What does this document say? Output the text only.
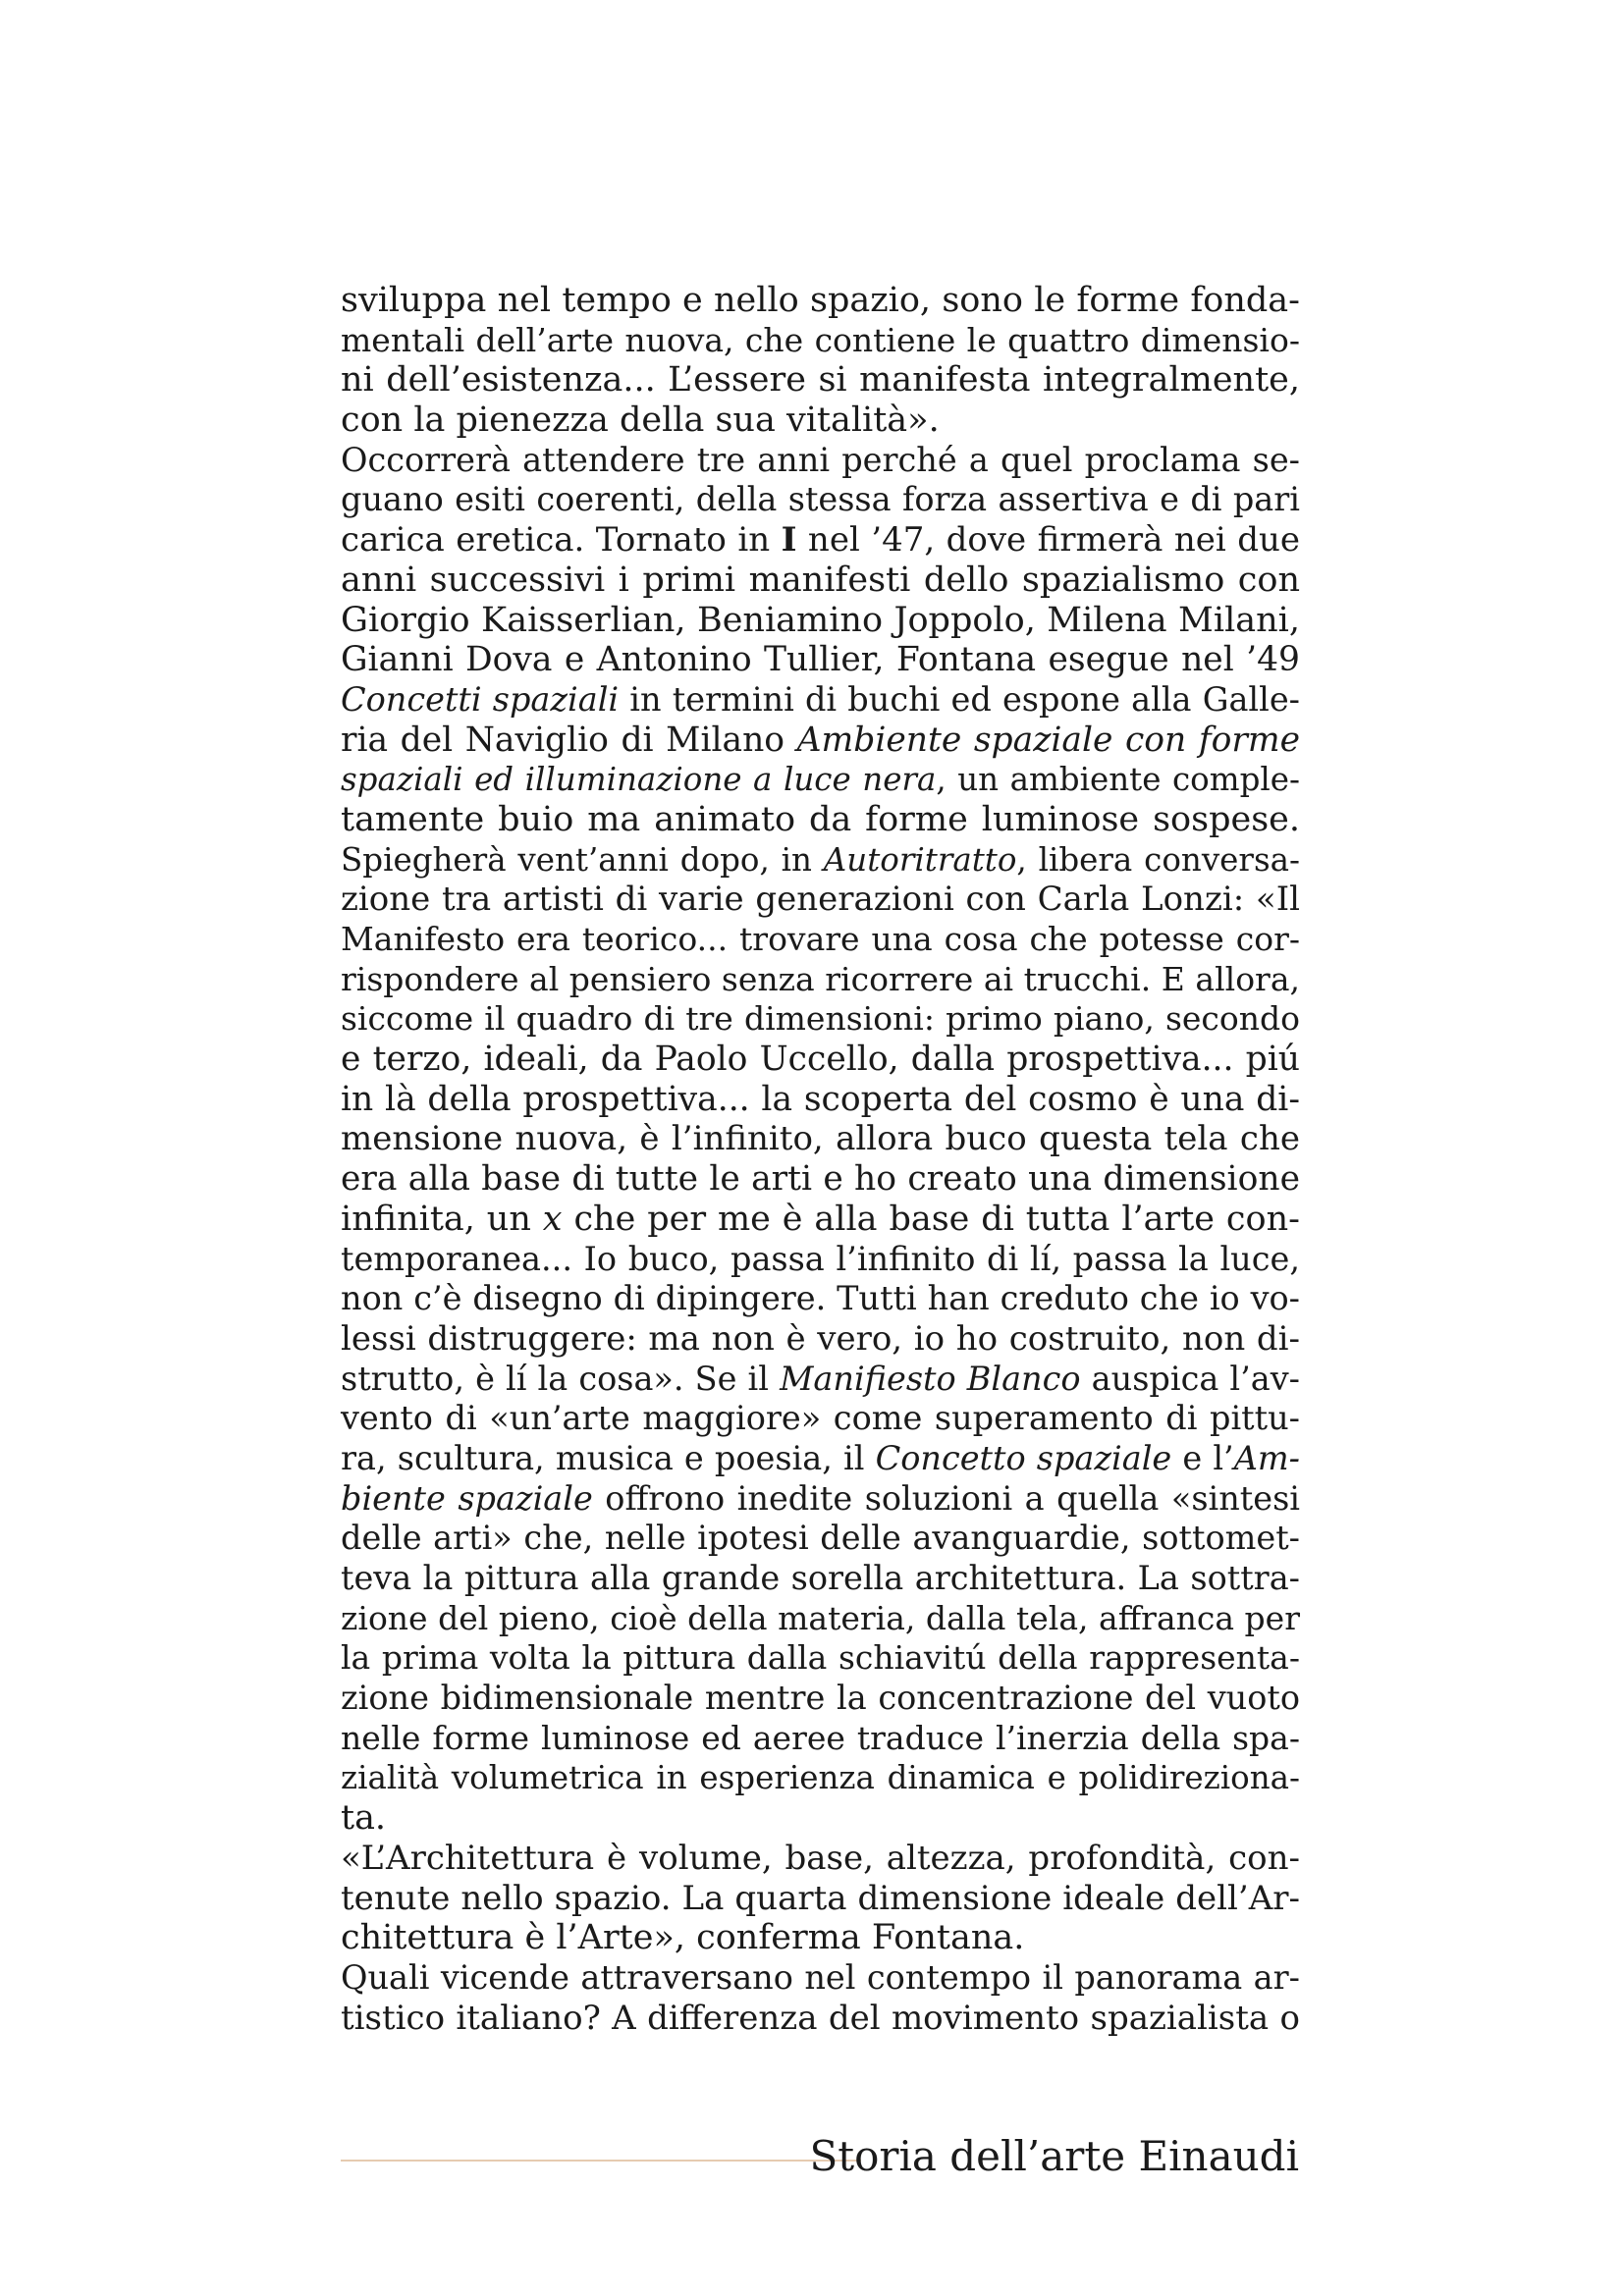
sviluppa nel tempo e nello spazio, sono le forme fonda-
mentali dell’arte nuova, che contiene le quattro dimensio-
ni dell’esistenza... L’essere si manifesta integralmente,
con la pienezza della sua vitalità».
Occorrerà attendere tre anni perché a quel proclama se-
guano esiti coerenti, della stessa forza assertiva e di pari
carica eretica. Tornato in I nel ’47, dove firmerà nei due
anni successivi i primi manifesti dello spazialismo con
Giorgio Kaisserlian, Beniamino Joppolo, Milena Milani,
Gianni Dova e Antonino Tullier, Fontana esegue nel ’49
Concetti spaziali in termini di buchi ed espone alla Galle-
ria del Naviglio di Milano Ambiente spaziale con forme
spaziali ed illuminazione a luce nera, un ambiente comple-
tamente buio ma animato da forme luminose sospese.
Spiegherà vent’anni dopo, in Autoritratto, libera conversa-
zione tra artisti di varie generazioni con Carla Lonzi: «Il
Manifesto era teorico... trovare una cosa che potesse cor-
rispondere al pensiero senza ricorrere ai trucchi. E allora,
siccome il quadro di tre dimensioni: primo piano, secondo
e terzo, ideali, da Paolo Uccello, dalla prospettiva... piú
in là della prospettiva... la scoperta del cosmo è una di-
mensione nuova, è l’infinito, allora buco questa tela che
era alla base di tutte le arti e ho creato una dimensione
infinita, un x che per me è alla base di tutta l’arte con-
temporanea... Io buco, passa l’infinito di lí, passa la luce,
non c’è disegno di dipingere. Tutti han creduto che io vo-
lessi distruggere: ma non è vero, io ho costruito, non di-
strutto, è lí la cosa». Se il Manifiesto Blanco auspica l’av-
vento di «un’arte maggiore» come superamento di pittu-
ra, scultura, musica e poesia, il Concetto spaziale e l’Am-
biente spaziale offrono inedite soluzioni a quella «sintesi
delle arti» che, nelle ipotesi delle avanguardie, sottomet-
teva la pittura alla grande sorella architettura. La sottra-
zione del pieno, cioè della materia, dalla tela, affranca per
la prima volta la pittura dalla schiavitú della rappresenta-
zione bidimensionale mentre la concentrazione del vuoto
nelle forme luminose ed aeree traduce l’inerzia della spa-
zialità volumetrica in esperienza dinamica e polidireziona-
ta.
«L’Architettura è volume, base, altezza, profondità, con-
tenute nello spazio. La quarta dimensione ideale dell’Ar-
chitettura è l’Arte», conferma Fontana.
Quali vicende attraversano nel contempo il panorama ar-
tistico italiano? A differenza del movimento spazialista o
Storia dell’arte Einaudi
